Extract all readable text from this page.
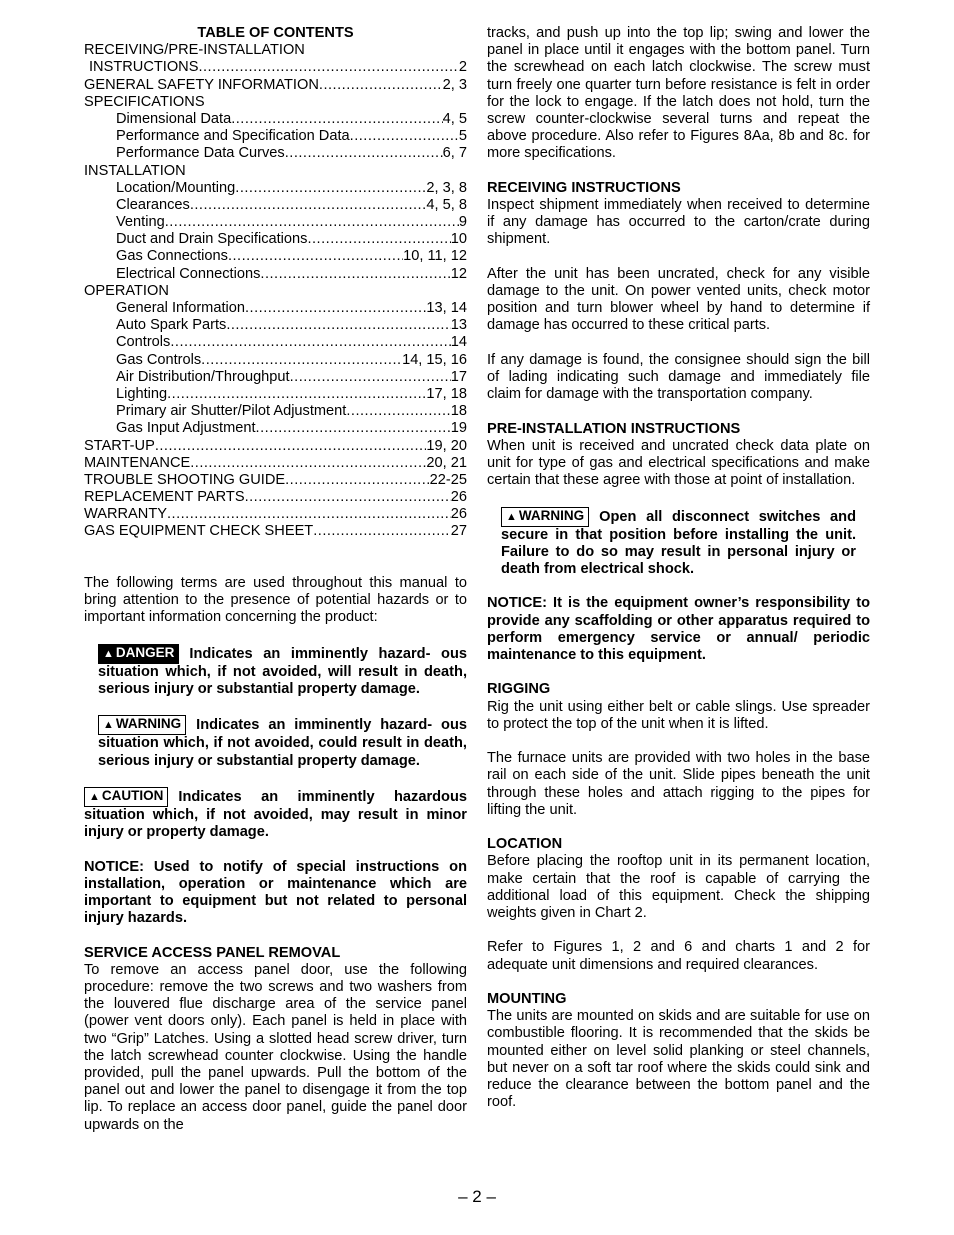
TABLE OF CONTENTS
RECEIVING/PRE-INSTALLATION
INSTRUCTIONS .....	2
GENERAL SAFETY INFORMATION .....	2, 3
SPECIFICATIONS
Dimensional Data .....	4, 5
Performance and Specification Data .....	5
Performance Data Curves .....	6, 7
INSTALLATION
Location/Mounting .....	2, 3, 8
Clearances .....	4, 5, 8
Venting .....	9
Duct and Drain Specifications .....	10
Gas Connections .....	10, 11, 12
Electrical Connections .....	12
OPERATION
General Information .....	13, 14
Auto Spark Parts .....	13
Controls .....	14
Gas Controls .....	14, 15, 16
Air Distribution/Throughput .....	17
Lighting .....	17, 18
Primary air Shutter/Pilot Adjustment .....	18
Gas Input Adjustment .....	19
START-UP .....	19, 20
MAINTENANCE .....	20, 21
TROUBLE SHOOTING GUIDE .....	22-25
REPLACEMENT PARTS .....	26
WARRANTY .....	26
GAS EQUIPMENT CHECK SHEET .....	27

The following terms are used throughout this manual to bring attention to the presence of potential hazards or to important information concerning the product:

▲ DANGER Indicates an imminently hazard- ous situation which, if not avoided, will result in death, serious injury or substantial property damage.
▲ WARNING Indicates an imminently hazard- ous situation which, if not avoided, could result in death, serious injury or substantial property damage.
▲ CAUTION Indicates an imminently hazardous situation which, if not avoided, may result in minor injury or property damage.

NOTICE: Used to notify of special instructions on installation, operation or maintenance which are important to equipment but not related to personal injury hazards.

SERVICE ACCESS PANEL REMOVAL

To remove an access panel door, use the following procedure: remove the two screws and two washers from the louvered flue discharge area of the service panel (power vent doors only). Each panel is held in place with two “Grip” Latches. Using a slotted head screw driver, turn the latch screwhead counter clockwise. Using the handle provided, pull the panel upwards. Pull the bottom of the panel out and lower the panel to disengage it from the top lip. To replace an access door panel, guide the panel door upwards on the

tracks, and push up into the top lip; swing and lower the panel in place until it engages with the bottom panel. Turn the screwhead on each latch clockwise. The screw must turn freely one quarter turn before resistance is felt in order for the lock to engage. If the latch does not hold, turn the screw counter-clockwise several turns and repeat the above procedure. Also refer to Figures 8Aa, 8b and 8c. for more specifications.

RECEIVING INSTRUCTIONS

Inspect shipment immediately when received to determine if any damage has occurred to the carton/crate during shipment.

After the unit has been uncrated, check for any visible damage to the unit. On power vented units, check motor position and turn blower wheel by hand to determine if damage has occurred to these critical parts.

If any damage is found, the consignee should sign the bill of lading indicating such damage and immediately file claim for damage with the transportation company.

PRE-INSTALLATION INSTRUCTIONS

When unit is received and uncrated check data plate on unit for type of gas and electrical specifications and make certain that these agree with those at point of installation.

▲ WARNING Open all disconnect switches and secure in that position before installing the unit. Failure to do so may result in personal injury or death from electrical shock.

NOTICE: It is the equipment owner’s responsibility to provide any scaffolding or other apparatus required to perform emergency service or annual/ periodic maintenance to this equipment.

RIGGING

Rig the unit using either belt or cable slings. Use spreader to protect the top of the unit when it is lifted.

The furnace units are provided with two holes in the base rail on each side of the unit. Slide pipes beneath the unit through these holes and attach rigging to the pipes for lifting the unit.

LOCATION

Before placing the rooftop unit in its permanent location, make certain that the roof is capable of carrying the additional load of this equipment. Check the shipping weights given in Chart 2.

Refer to Figures 1, 2 and 6 and charts 1 and 2 for adequate unit dimensions and required clearances.

MOUNTING

The units are mounted on skids and are suitable for use on combustible flooring. It is recommended that the skids be mounted either on level solid planking or steel channels, but never on a soft tar roof where the skids could sink and reduce the clearance between the bottom panel and the roof.

– 2 –
